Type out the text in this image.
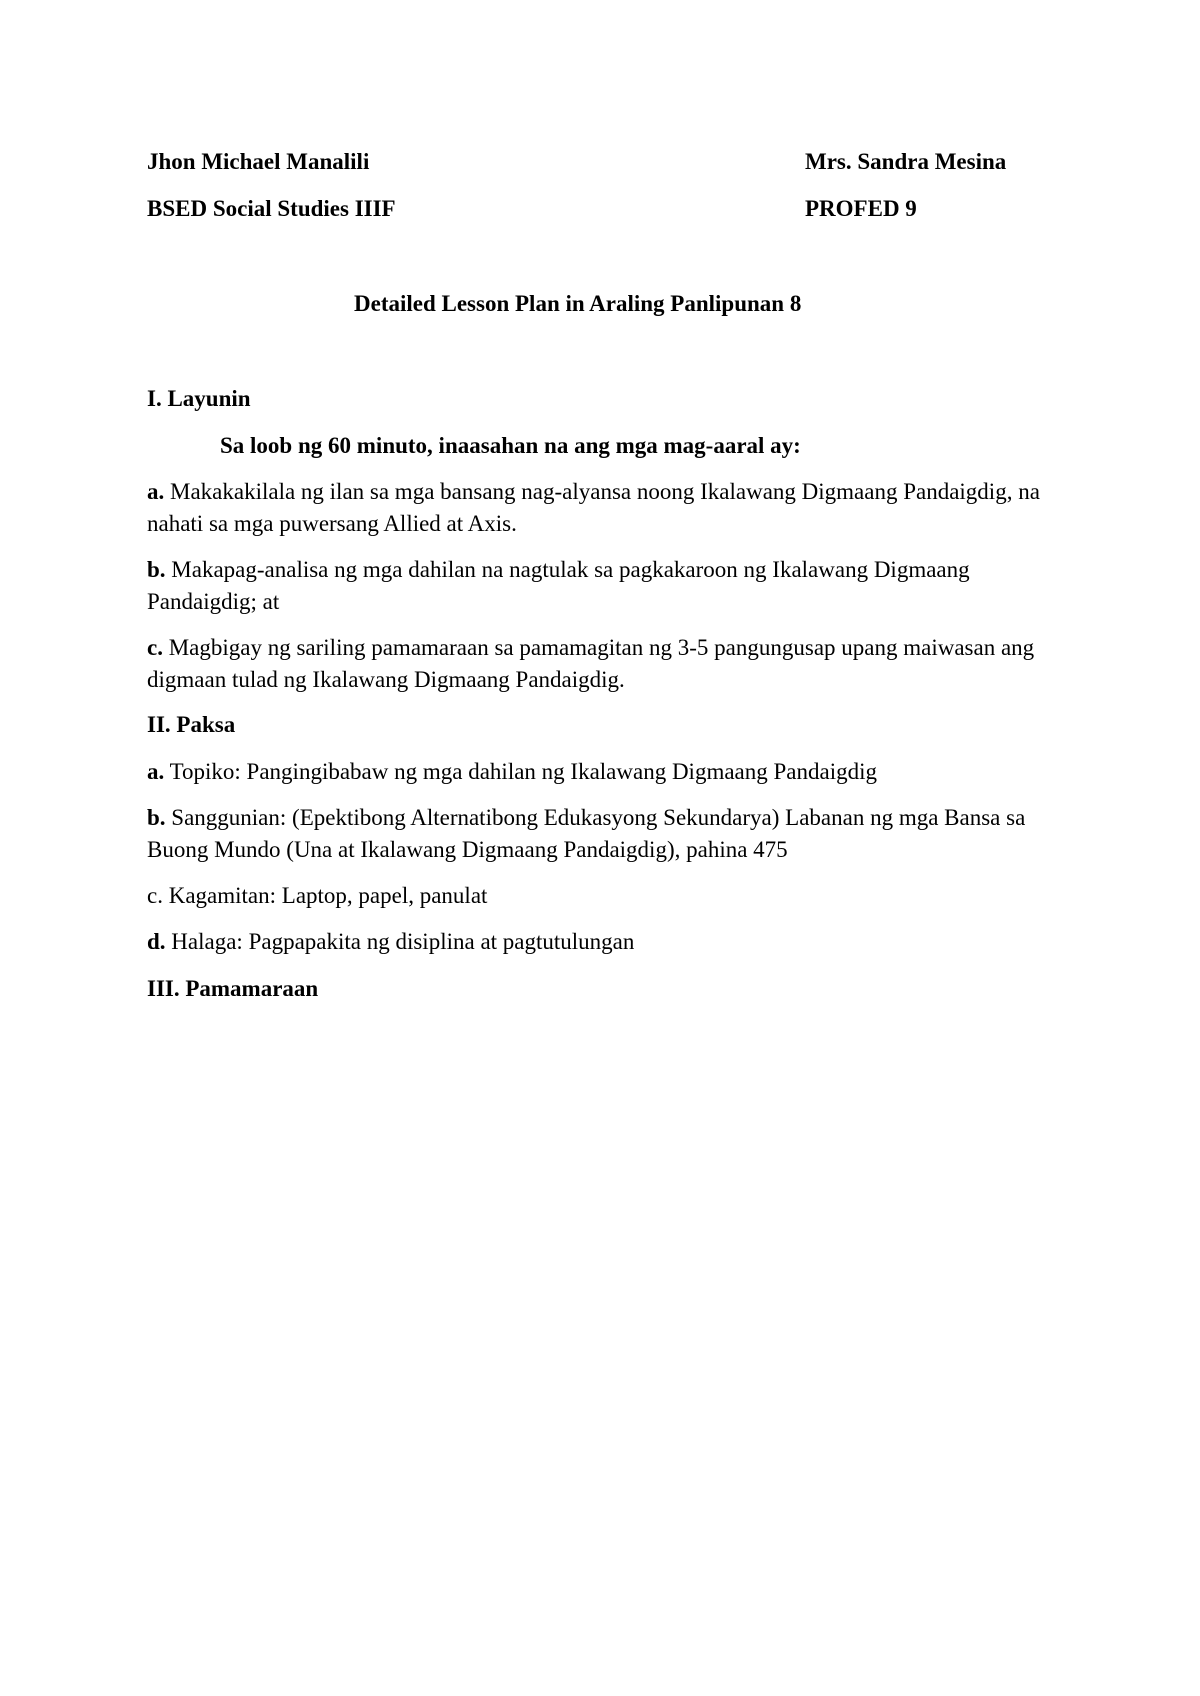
Jhon Michael Manalili	Mrs. Sandra Mesina

BSED Social Studies IIIF	PROFED 9

Detailed Lesson Plan in Araling Panlipunan 8

I. Layunin

Sa loob ng 60 minuto, inaasahan na ang mga mag-aaral ay:

a. Makakakilala ng ilan sa mga bansang nag-alyansa noong Ikalawang Digmaang Pandaigdig, na nahati sa mga puwersang Allied at Axis.

b. Makapag-analisa ng mga dahilan na nagtulak sa pagkakaroon ng Ikalawang Digmaang Pandaigdig; at

c. Magbigay ng sariling pamamaraan sa pamamagitan ng 3-5 pangungusap upang maiwasan ang digmaan tulad ng Ikalawang Digmaang Pandaigdig.

II. Paksa

a. Topiko: Pangingibabaw ng mga dahilan ng Ikalawang Digmaang Pandaigdig

b. Sanggunian: (Epektibong Alternatibong Edukasyong Sekundarya) Labanan ng mga Bansa sa Buong Mundo (Una at Ikalawang Digmaang Pandaigdig), pahina 475

c. Kagamitan: Laptop, papel, panulat

d. Halaga: Pagpapakita ng disiplina at pagtutulungan

III. Pamamaraan
